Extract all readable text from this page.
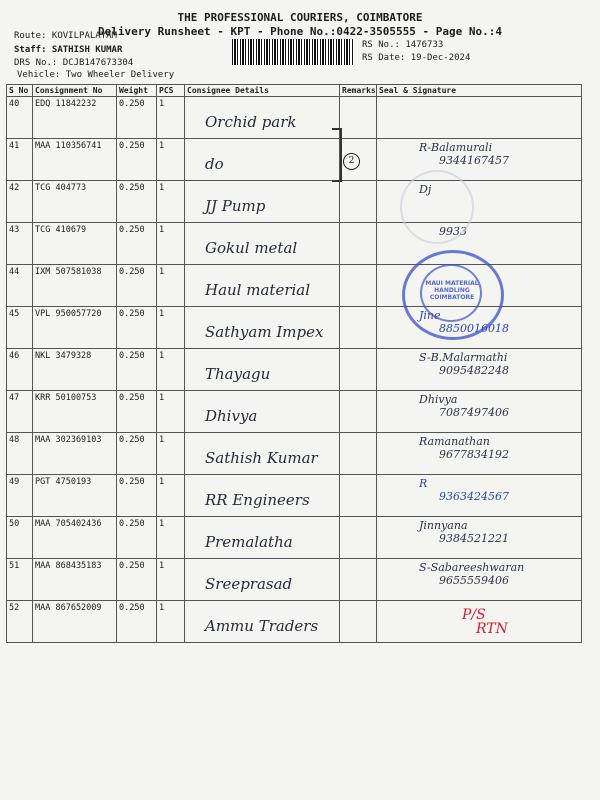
THE PROFESSIONAL COURIERS, COIMBATORE
Delivery Runsheet - KPT - Phone No.:0422-3505555 - Page No.:4
Route: KOVILPALAYAM
Staff: SATHISH KUMAR
DRS No.: DCJB147673304
Vehicle: Two Wheeler Delivery
RS No.: 1476733
RS Date: 19-Dec-2024
S No	Consignment No	Weight	PCS	Consignee Details	Remarks	Seal & Signature
40	EDQ 11842232	0.250	1	Orchid park		

41	MAA 110356741	0.250	1	do		R-Balamurali
9344167457

42	TCG 404773	0.250	1	JJ Pump		Dj

43	TCG 410679	0.250	1	Gokul metal		9933

44	IXM 507581038	0.250	1	Haul material		

45	VPL 950057720	0.250	1	Sathyam Impex		Jine
8850016018

46	NKL 3479328	0.250	1	Thayagu		S-B.Malarmathi
9095482248

47	KRR 50100753	0.250	1	Dhivya		Dhivya
7087497406

48	MAA 302369103	0.250	1	Sathish Kumar		Ramanathan
9677834192

49	PGT 4750193	0.250	1	RR Engineers		R
9363424567

50	MAA 705402436	0.250	1	Premalatha		Jinnyana
9384521221

51	MAA 868435183	0.250	1	Sreeprasad		S-Sabareeshwaran
9655559406

52	MAA 867652009	0.250	1	Ammu Traders		

2
MAUI MATERIAL HANDLING COIMBATORE
P/S
RTN
